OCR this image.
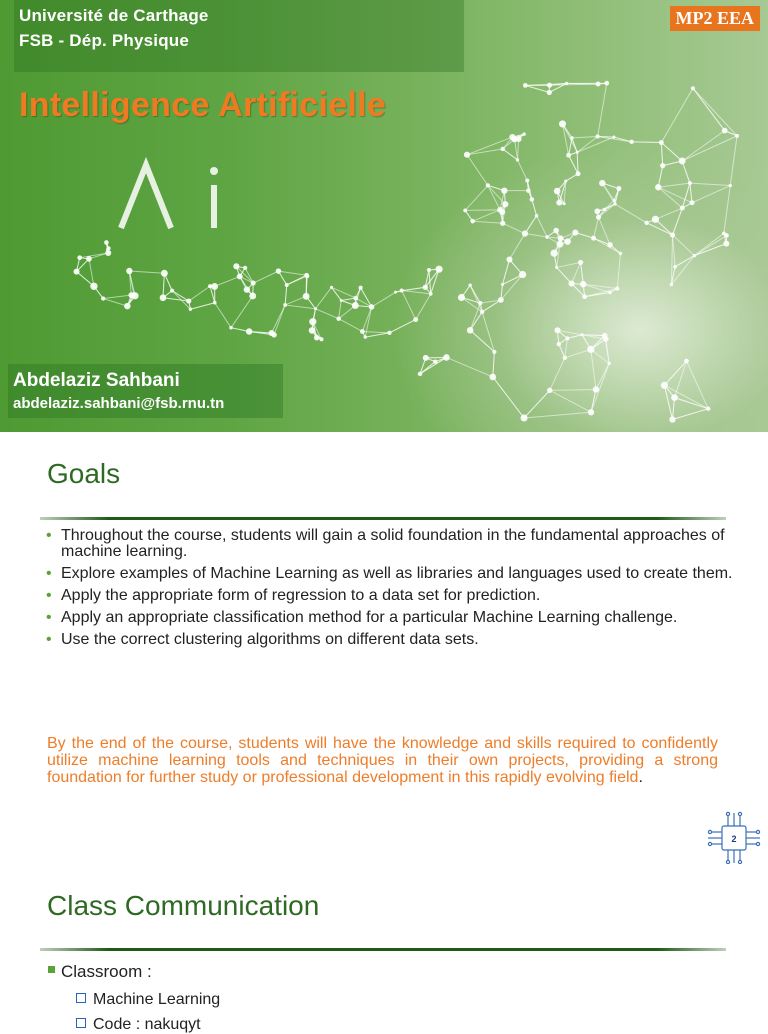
Université de Carthage
FSB - Dép. Physique
MP2 EEA
Intelligence Artificielle
Abdelaziz Sahbani
abdelaziz.sahbani@fsb.rnu.tn
Goals
• Throughout the course, students will gain a solid foundation in the fundamental approaches of machine learning.
• Explore examples of Machine Learning as well as libraries and languages used to create them.
• Apply the appropriate form of regression to a data set for prediction.
• Apply an appropriate classification method for a particular Machine Learning challenge.
• Use the correct clustering algorithms on different data sets.
By the end of the course, students will have the knowledge and skills required to confidently utilize machine learning tools and techniques in their own projects, providing a strong foundation for further study or professional development in this rapidly evolving field.
2
Class Communication
Classroom :
Machine Learning
Code : nakuqyt
